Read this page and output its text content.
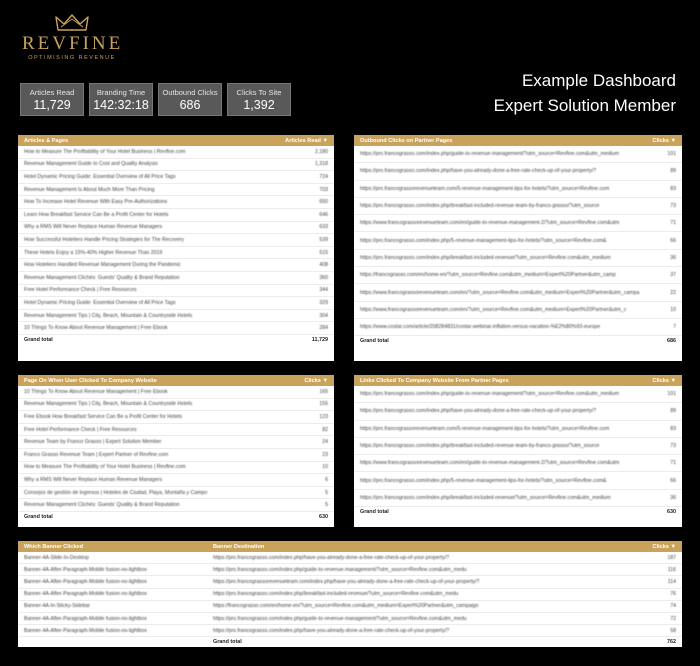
REVFINE
OPTIMISING REVENUE
Articles Read
11,729
Branding Time
142:32:18
Outbound Clicks
686
Clicks To Site
1,392
Example Dashboard
Expert Solution Member
Articles & Pages	Articles Read ▼
How to Measure The Profitability of Your Hotel Business | Revfine.com	2,180
Revenue Management Guide to Cost and Quality Analysis	1,318
Hotel Dynamic Pricing Guide: Essential Overview of All Price Tags	724
Revenue Management Is About Much More Than Pricing	703
How To Increase Hotel Revenue With Easy Pre-Authorizations	650
Learn How Breakfast Service Can Be a Profit Center for Hotels	646
Why a RMS Will Never Replace Human Revenue Managers	633
How Successful Hoteliers Handle Pricing Strategies for The Recovery	539
These Hotels Enjoy a 15%-40% Higher Revenue Than 2019	515
How Hoteliers Handled Revenue Management During the Pandemic	408
Revenue Management Clichés: Guests' Quality & Brand Reputation	360
Free Hotel Performance Check | Free Resources	344
Hotel Dynamic Pricing Guide: Essential Overview of All Price Tags	329
Revenue Management Tips | City, Beach, Mountain & Countryside Hotels	304
10 Things To Know About Revenue Management | Free Ebook	284
Grand total	11,729
Outbound Clicks on Partner Pages	Clicks ▼
https://pro.francograsso.com/index.php/guide-to-revenue-management/?utm_source=Revfine.com&utm_medium	101
https://pro.francograsso.com/index.php/have-you-already-done-a-free-rate-check-up-of-your-property/?	89
https://pro.francograssorevenueteam.com/5-revenue-management-tips-for-hotels/?utm_source=Revfine.com	83
https://pro.francograsso.com/index.php/breakfast-included-revenue-team-by-franco-grasso/?utm_source	73
https://www.francograssorevenueteam.com/en/guide-to-revenue-management-2/?utm_source=Revfine.com&utm	71
https://pro.francograsso.com/index.php/5-revenue-management-tips-for-hotels/?utm_source=Revfine.com&	66
https://pro.francograsso.com/index.php/breakfast-included-revenue/?utm_source=Revfine.com&utm_medium	36
https://francograsso.com/en/home-en/?utm_source=Revfine.com&utm_medium=Expert%20Partner&utm_camp	37
https://www.francograssorevenueteam.com/en/?utm_source=Revfine.com&utm_medium=Expert%20Partner&utm_campa	22
https://www.francograssorevenueteam.com/en/?utm_source=Revfine.com&utm_medium=Expert%20Partner&utm_c	10
https://www.costar.com/article/208284831/costar-webinar-inflation-versus-vacation-%E2%80%93-europe	7
Grand total	686
Page On When User Clicked To Company Website	Clicks ▼
10 Things To Know About Revenue Management | Free Ebook	165
Revenue Management Tips | City, Beach, Mountain & Countryside Hotels	155
Free Ebook How Breakfast Service Can Be a Profit Center for Hotels	123
Free Hotel Performance Check | Free Resources	82
Revenue Team by Franco Grasso | Expert Solution Member	24
Franco Grasso Revenue Team | Expert Partner of Revfine.com	23
How to Measure The Profitability of Your Hotel Business | Revfine.com	10
Why a RMS Will Never Replace Human Revenue Managers	6
Consejos de gestión de ingresos | Hoteles de Ciudad, Playa, Montaña y Campo	5
Revenue Management Clichés: Guests' Quality & Brand Reputation	5
Grand total	630
Links Clicked To Company Website From Partner Pages	Clicks ▼
https://pro.francograsso.com/index.php/guide-to-revenue-management/?utm_source=Revfine.com&utm_medium	101
https://pro.francograsso.com/index.php/have-you-already-done-a-free-rate-check-up-of-your-property/?	89
https://pro.francograssorevenueteam.com/5-revenue-management-tips-for-hotels/?utm_source=Revfine.com	83
https://pro.francograsso.com/index.php/breakfast-included-revenue-team-by-franco-grasso/?utm_source	73
https://www.francograssorevenueteam.com/en/guide-to-revenue-management-2/?utm_source=Revfine.com&utm	71
https://pro.francograsso.com/index.php/5-revenue-management-tips-for-hotels/?utm_source=Revfine.com&	66
https://pro.francograsso.com/index.php/breakfast-included-revenue/?utm_source=Revfine.com&utm_medium	36
Grand total	630
Which Banner Clicked	Banner Destination	Clicks ▼
Banner-4A-Slide-In-Desktop	https://pro.francograsso.com/index.php/have-you-already-done-a-free-rate-check-up-of-your-property/?	187
Banner-4A-After-Paragraph-Mobile fusion-no-lightbox	https://pro.francograsso.com/index.php/guide-to-revenue-management/?utm_source=Revfine.com&utm_medu	116
Banner-4A-After-Paragraph-Mobile fusion-no-lightbox	https://pro.francograssorevenueteam.com/index.php/have-you-already-done-a-free-rate-check-up-of-your-property/?	114
Banner-4A-After-Paragraph-Mobile fusion-no-lightbox	https://pro.francograsso.com/index.php/breakfast-included-revenue/?utm_source=Revfine.com&utm_medu	76
Banner-4A-In-Sticky-Sidebar	https://francograsso.com/en/home-en/?utm_source=Revfine.com&utm_medium=Expert%20Partner&utm_campaign	74
Banner-4A-After-Paragraph-Mobile fusion-no-lightbox	https://pro.francograsso.com/index.php/guide-to-revenue-management/?utm_source=Revfine.com&utm_medu	72
Banner-4A-After-Paragraph-Mobile fusion-no-lightbox	https://pro.francograsso.com/index.php/have-you-already-done-a-free-rate-check-up-of-your-property/?	58
Grand total	762
